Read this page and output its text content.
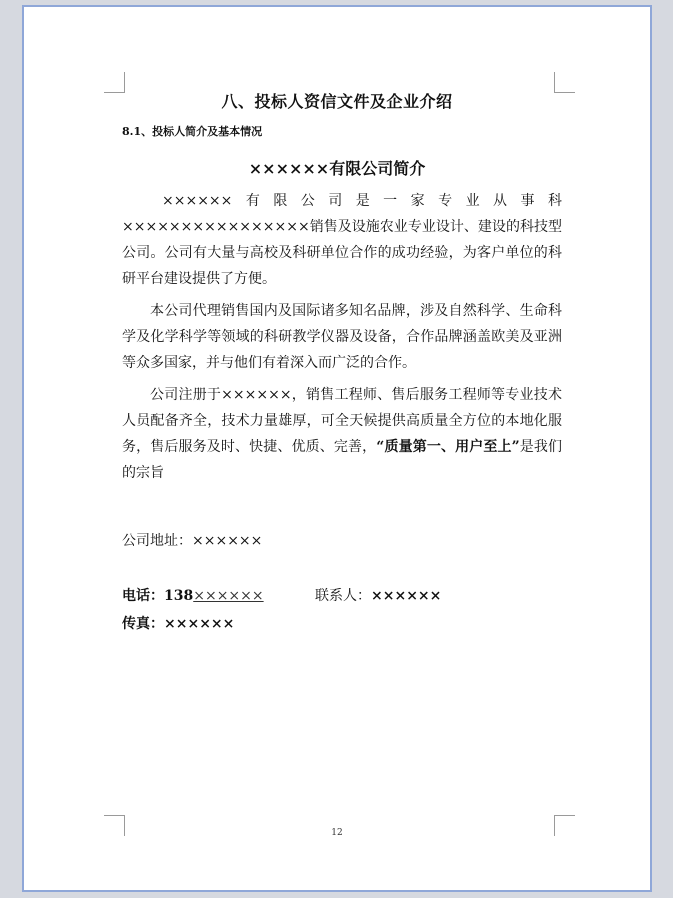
八、投标人资信文件及企业介绍
8.1、投标人简介及基本情况
××××××有限公司简介

××××××有限公司是一家专业从事科××××××××××××××××销售及设施农业专业设计、建设的科技型公司。公司有大量与高校及科研单位合作的成功经验，为客户单位的科研平台建设提供了方便。

本公司代理销售国内及国际诸多知名品牌，涉及自然科学、生命科学及化学科学等领域的科研教学仪器及设备，合作品牌涵盖欧美及亚洲等众多国家，并与他们有着深入而广泛的合作。

公司注册于××××××，销售工程师、售后服务工程师等专业技术人员配备齐全，技术力量雄厚，可全天候提供高质量全方位的本地化服务，售后服务及时、快捷、优质、完善，“质量第一、用户至上”是我们的宗旨

公司地址：××××××
电话：138××××××	联系人：××××××
传真：××××××
12
